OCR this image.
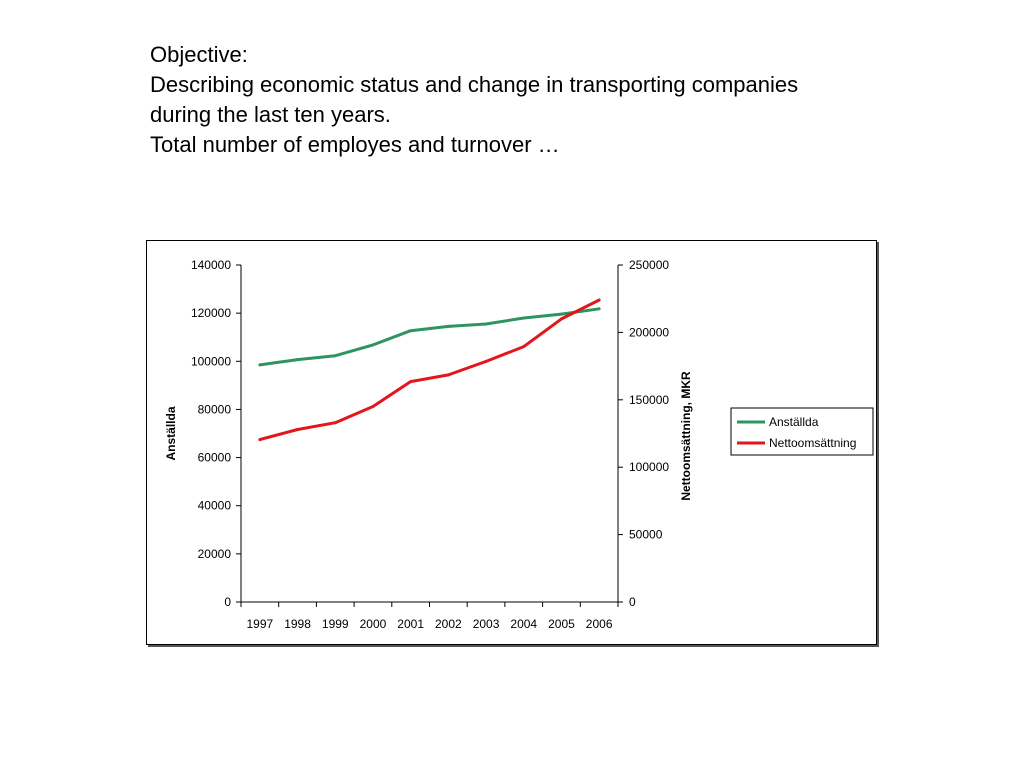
Objective:
Describing economic status and change in transporting companies
during the last ten years.
Total number of employes and turnover …
0
20000
40000
60000
80000
100000
120000
140000
0
50000
100000
150000
200000
250000
1997 1998 1999 2000 2001 2002 2003 2004 2005 2006
Anställda	Nettoomsättning, MKR	Anställda
Nettoomsättning
